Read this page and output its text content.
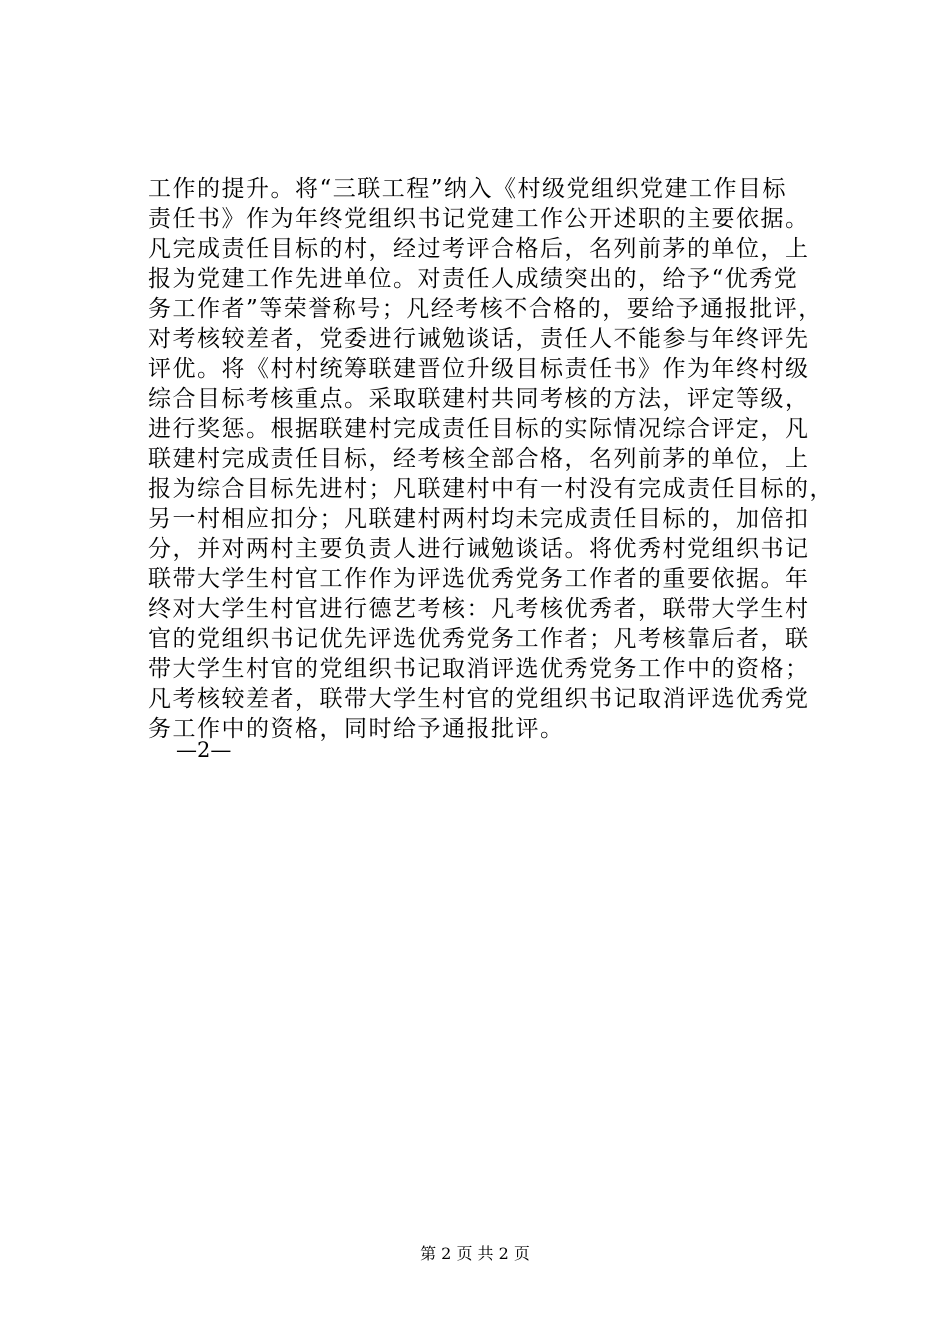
工作的提升。将“三联工程”纳入《村级党组织党建工作目标
责任书》作为年终党组织书记党建工作公开述职的主要依据。
凡完成责任目标的村，经过考评合格后，名列前茅的单位，上
报为党建工作先进单位。对责任人成绩突出的，给予“优秀党
务工作者”等荣誉称号；凡经考核不合格的，要给予通报批评，
对考核较差者，党委进行诫勉谈话，责任人不能参与年终评先
评优。将《村村统筹联建晋位升级目标责任书》作为年终村级
综合目标考核重点。采取联建村共同考核的方法，评定等级，
进行奖惩。根据联建村完成责任目标的实际情况综合评定，凡
联建村完成责任目标，经考核全部合格，名列前茅的单位，上
报为综合目标先进村；凡联建村中有一村没有完成责任目标的，
另一村相应扣分；凡联建村两村均未完成责任目标的，加倍扣
分，并对两村主要负责人进行诫勉谈话。将优秀村党组织书记
联带大学生村官工作作为评选优秀党务工作者的重要依据。年
终对大学生村官进行德艺考核：凡考核优秀者，联带大学生村
官的党组织书记优先评选优秀党务工作者；凡考核靠后者，联
带大学生村官的党组织书记取消评选优秀党务工作中的资格；
凡考核较差者，联带大学生村官的党组织书记取消评选优秀党
务工作中的资格，同时给予通报批评。
—2—
第 2 页 共 2 页
